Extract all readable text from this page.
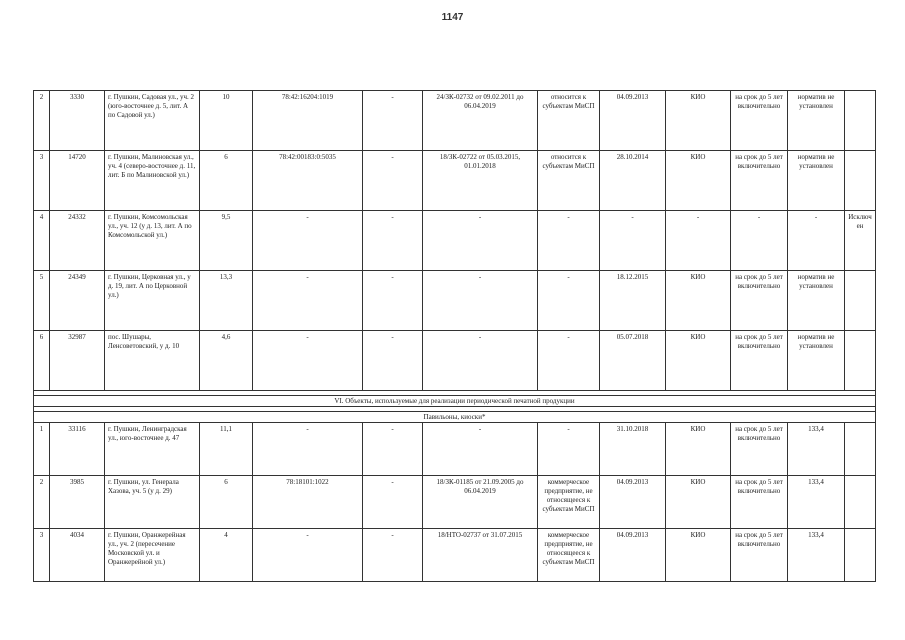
1147
2	3330	г. Пушкин, Садовая ул., уч. 2 (юго-восточнее д. 5, лит. А по Садовой ул.)	10	78:42:16204:1019	-	24/ЗК-02732 от 09.02.2011 до 06.04.2019	относится к субъектам МиСП	04.09.2013	КИО	на срок до 5 лет включительно	норматив не установлен	
3	14720	г. Пушкин, Малиновская ул., уч. 4 (северо-восточнее д. 11, лит. Б по Малиновской ул.)	6	78:42:00183:0:5035	-	18/ЗК-02722 от 05.03.2015, 01.01.2018	относится к субъектам МиСП	28.10.2014	КИО	на срок до 5 лет включительно	норматив не установлен	
4	24332	г. Пушкин, Комсомольская ул., уч. 12 (у д. 13, лит. А по Комсомольской ул.)	9,5	-	-	-	-	-	-	-	-	Исключен
5	24349	г. Пушкин, Церковная ул., у д. 19, лит. А по Церковной ул.)	13,3	-	-	-	-	18.12.2015	КИО	на срок до 5 лет включительно	норматив не установлен	
6	32987	пос. Шушары, Ленсоветовский, у д. 10	4,6	-	-	-	-	05.07.2018	КИО	на срок до 5 лет включительно	норматив не установлен	

VI. Объекты, используемые для реализации периодической печатной продукции												

Павильоны, киоски*												
1	33116	г. Пушкин, Ленинградская ул., юго-восточнее д. 47	11,1	-	-	-	-	31.10.2018	КИО	на срок до 5 лет включительно	133,4	
2	3985	г. Пушкин, ул. Генерала Хазова, уч. 5 (у д. 29)	6	78:18101:1022	-	18/ЗК-01185 от 21.09.2005 до 06.04.2019	коммерческое предприятие, не относящееся к субъектам МиСП	04.09.2013	КИО	на срок до 5 лет включительно	133,4	
3	4034	г. Пушкин, Оранжерейная ул., уч. 2 (пересечение Московской ул. и Оранжерейной ул.)	4	-	-	18/НТО-02737 от 31.07.2015	коммерческое предприятие, не относящееся к субъектам МиСП	04.09.2013	КИО	на срок до 5 лет включительно	133,4	
